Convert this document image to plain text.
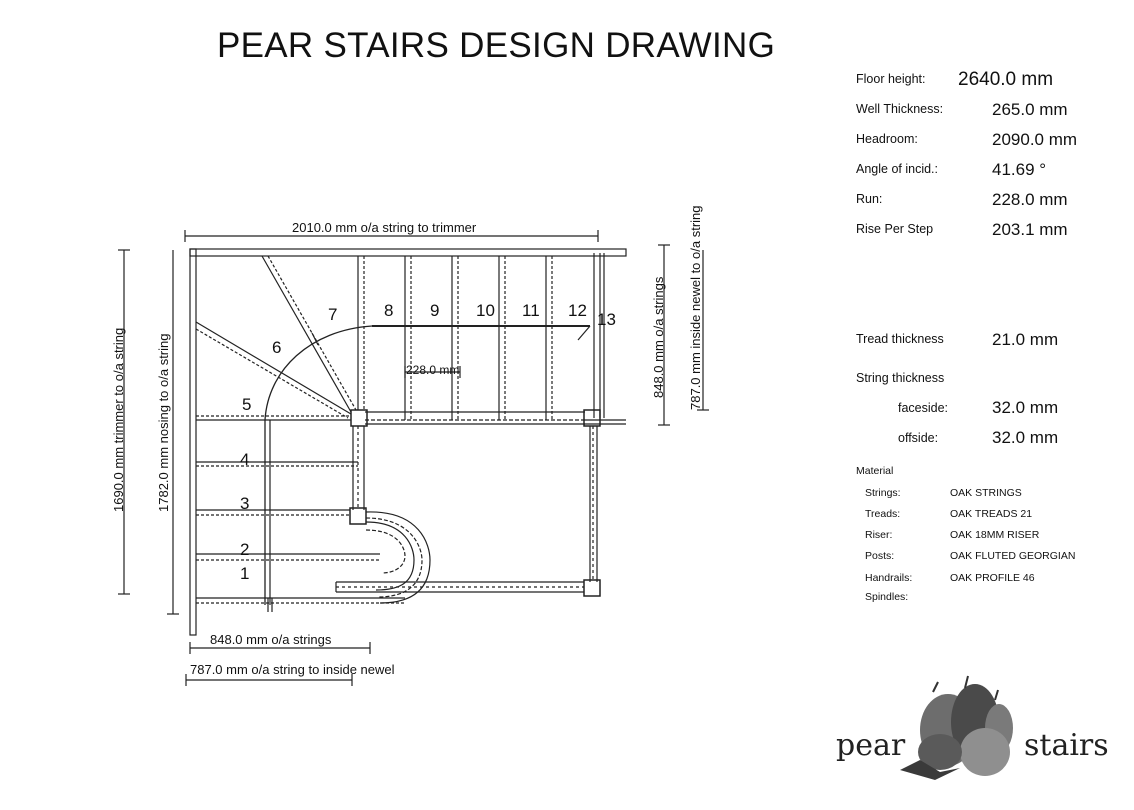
PEAR STAIRS DESIGN DRAWING
Floor height: 2640.0 mm
Well Thickness:	265.0 mm
Headroom:	2090.0 mm
Angle of incid.:	41.69 °
Run:	228.0 mm
Rise Per Step	203.1 mm
Tread thickness	21.0 mm
String thickness
faceside:	32.0 mm
offside:	32.0 mm
Material
Strings:	OAK STRINGS
Treads:	OAK TREADS 21
Riser:	OAK 18MM RISER
Posts:	OAK FLUTED GEORGIAN
Handrails:	OAK PROFILE 46
Spindles:
2010.0 mm o/a string to trimmer
1690.0 mm trimmer to o/a string 1782.0 mm nosing to o/a string	848.0 mm o/a strings 787.0 mm inside newel to o/a string
848.0 mm o/a strings
787.0 mm o/a string to inside newel
228.0 mm
1
2
3
4
5
6
7	8 9 10 11 12 13
pear	stairs
